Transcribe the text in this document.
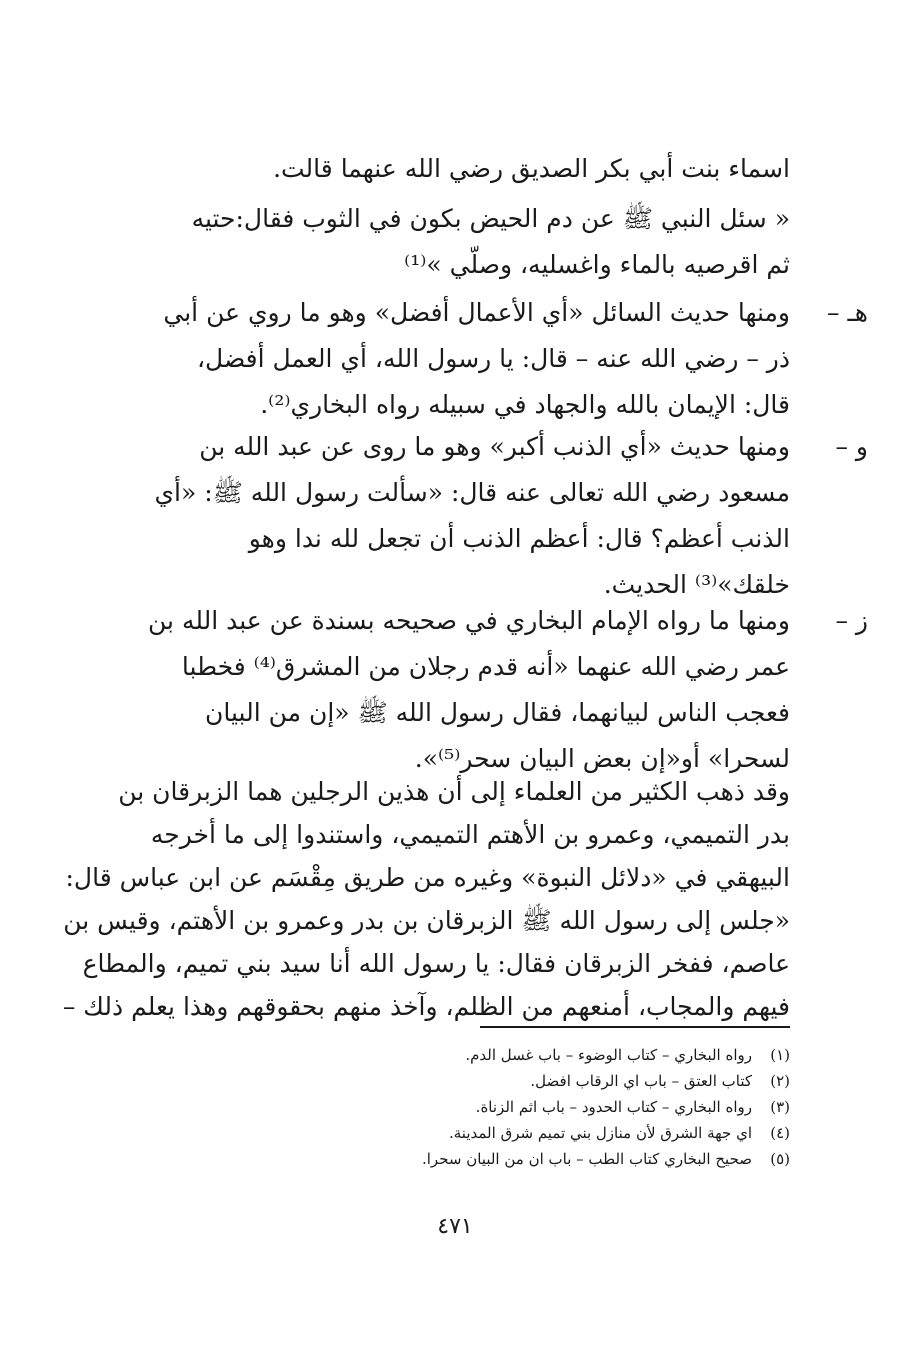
اسماء بنت أبي بكر الصديق رضي الله عنهما قالت.
« سئل النبي ﷺ عن دم الحيض بكون في الثوب فقال:حتيه
ثم اقرصيه بالماء واغسليه، وصلّي »⁽¹⁾
هـ –
ومنها حديث السائل «أي الأعمال أفضل» وهو ما روي عن أبي
ذر – رضي الله عنه – قال: يا رسول الله، أي العمل أفضل،
قال: الإيمان بالله والجهاد في سبيله رواه البخاري⁽²⁾.
و –
ومنها حديث «أي الذنب أكبر» وهو ما روى عن عبد الله بن
مسعود رضي الله تعالى عنه قال: «سألت رسول الله ﷺ: «أي
الذنب أعظم؟ قال: أعظم الذنب أن تجعل لله ندا وهو
خلقك»⁽³⁾ الحديث.
ز –
ومنها ما رواه الإمام البخاري في صحيحه بسندة عن عبد الله بن
عمر رضي الله عنهما «أنه قدم رجلان من المشرق⁽⁴⁾ فخطبا
فعجب الناس لبيانهما، فقال رسول الله ﷺ «إن من البيان
لسحرا» أو«إن بعض البيان سحر⁽⁵⁾».
وقد ذهب الكثير من العلماء إلى أن هذين الرجلين هما الزبرقان بن
بدر التميمي، وعمرو بن الأهتم التميمي، واستندوا إلى ما أخرجه
البيهقي في «دلائل النبوة» وغيره من طريق مِقْسَم عن ابن عباس قال:
«جلس إلى رسول الله ﷺ الزبرقان بن بدر وعمرو بن الأهتم، وقيس بن
عاصم، ففخر الزبرقان فقال: يا رسول الله أنا سيد بني تميم، والمطاع
فيهم والمجاب، أمنعهم من الظلم، وآخذ منهم بحقوقهم وهذا يعلم ذلك –
(١)رواه البخاري – كتاب الوضوء – باب غسل الدم.
(٢)كتاب العتق – باب اي الرقاب افضل.
(٣)رواه البخاري – كتاب الحدود – باب اثم الزناة.
(٤)اي جهة الشرق لأن منازل بني تميم شرق المدينة.
(٥)صحيح البخاري كتاب الطب – باب ان من البيان سحرا.
٤٧١
